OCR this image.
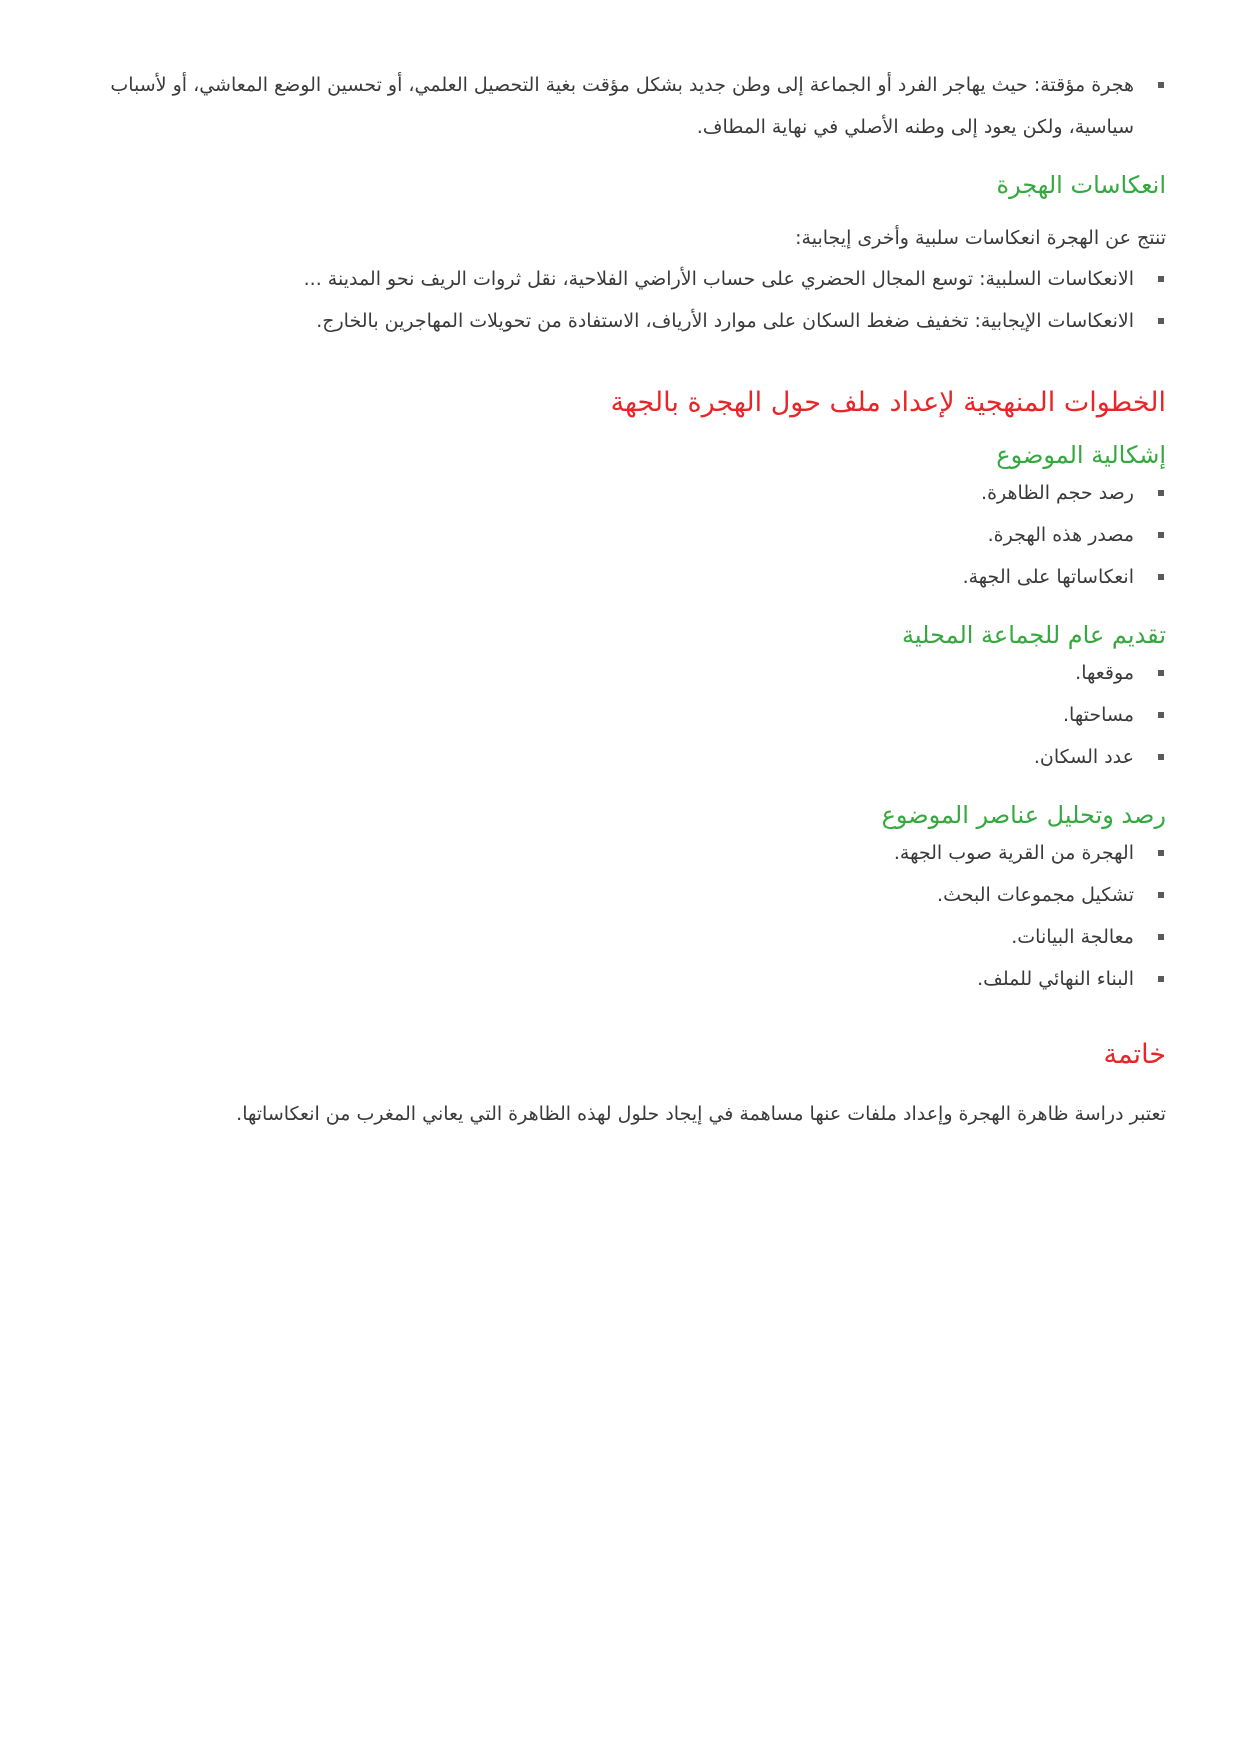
هجرة مؤقتة: حيث يهاجر الفرد أو الجماعة إلى وطن جديد بشكل مؤقت بغية التحصيل العلمي، أو تحسين الوضع المعاشي، أو لأسباب سياسية، ولكن يعود إلى وطنه الأصلي في نهاية المطاف.
انعكاسات الهجرة

تنتج عن الهجرة انعكاسات سلبية وأخرى إيجابية:

الانعكاسات السلبية: توسع المجال الحضري على حساب الأراضي الفلاحية، نقل ثروات الريف نحو المدينة ...
الانعكاسات الإيجابية: تخفيف ضغط السكان على موارد الأرياف، الاستفادة من تحويلات المهاجرين بالخارج.
الخطوات المنهجية لإعداد ملف حول الهجرة بالجهة
إشكالية الموضوع
رصد حجم الظاهرة.
مصدر هذه الهجرة.
انعكاساتها على الجهة.
تقديم عام للجماعة المحلية
موقعها.
مساحتها.
عدد السكان.
رصد وتحليل عناصر الموضوع
الهجرة من القرية صوب الجهة.
تشكيل مجموعات البحث.
معالجة البيانات.
البناء النهائي للملف.
خاتمة

تعتبر دراسة ظاهرة الهجرة وإعداد ملفات عنها مساهمة في إيجاد حلول لهذه الظاهرة التي يعاني المغرب من انعكاساتها.
